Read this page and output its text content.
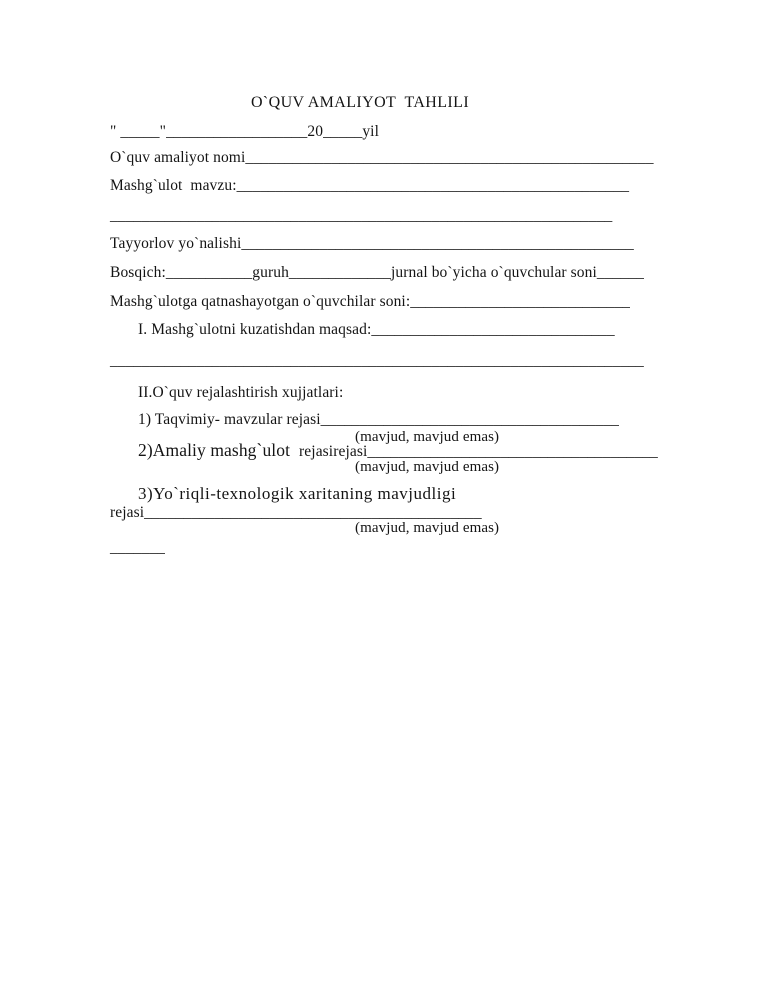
O`QUV AMALIYOT  TAHLILI
" _____"__________________20_____yil
O`quv amaliyot nomi____________________________________________________
Mashg`ulot  mavzu:__________________________________________________
________________________________________________________________
Tayyorlov yo`nalishi__________________________________________________
Bosqich:___________guruh_____________jurnal bo`yicha o`quvchular soni______
Mashg`ulotga qatnashayotgan o`quvchilar soni:____________________________
I. Mashg`ulotni kuzatishdan maqsad:_______________________________
____________________________________________________________________
II.O`quv rejalashtirish xujjatlari:
1) Taqvimiy- mavzular rejasi______________________________________
(mavjud, mavjud emas)
2)Amaliy mashg`ulot  rejasirejasi_____________________________________
(mavjud, mavjud emas)
3)Yo`riqli-texnologik xaritaning mavjudligi
rejasi___________________________________________
(mavjud, mavjud emas)
_______
